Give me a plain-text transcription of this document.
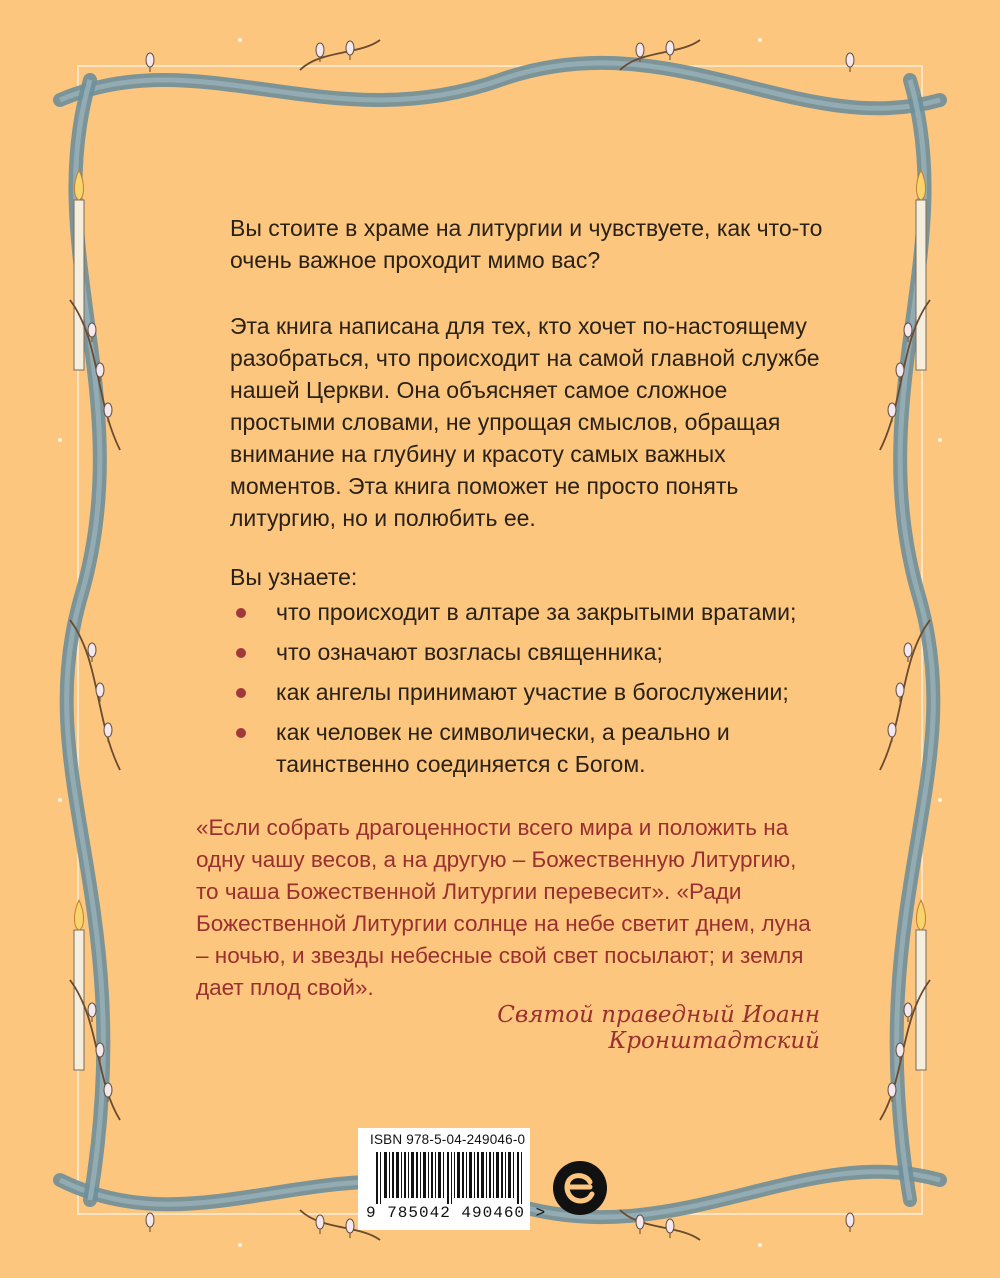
Вы стоите в храме на литургии и чувствуете, как что-то очень важное проходит мимо вас?

Эта книга написана для тех, кто хочет по-настоящему разобраться, что происходит на самой главной службе нашей Церкви. Она объясняет самое сложное простыми словами, не упрощая смыслов, обращая внимание на глубину и красоту самых важных моментов. Эта книга поможет не просто понять литургию, но и полюбить ее.

Вы узнаете:
что происходит в алтаре за закрытыми вратами;
что означают возгласы священника;
как ангелы принимают участие в богослужении;
как человек не символически, а реально и таинственно соединяется с Богом.

«Если собрать драгоценности всего мира и положить на одну чашу весов, а на другую – Божественную Литургию, то чаша Божественной Литургии перевесит». «Ради Божественной Литургии солнце на небе светит днем, луна – ночью, и звезды небесные свой свет посылают; и земля дает плод свой».

Святой праведный Иоанн Кронштадтский
ISBN 978-5-04-249046-0
9 785042 490460 >
